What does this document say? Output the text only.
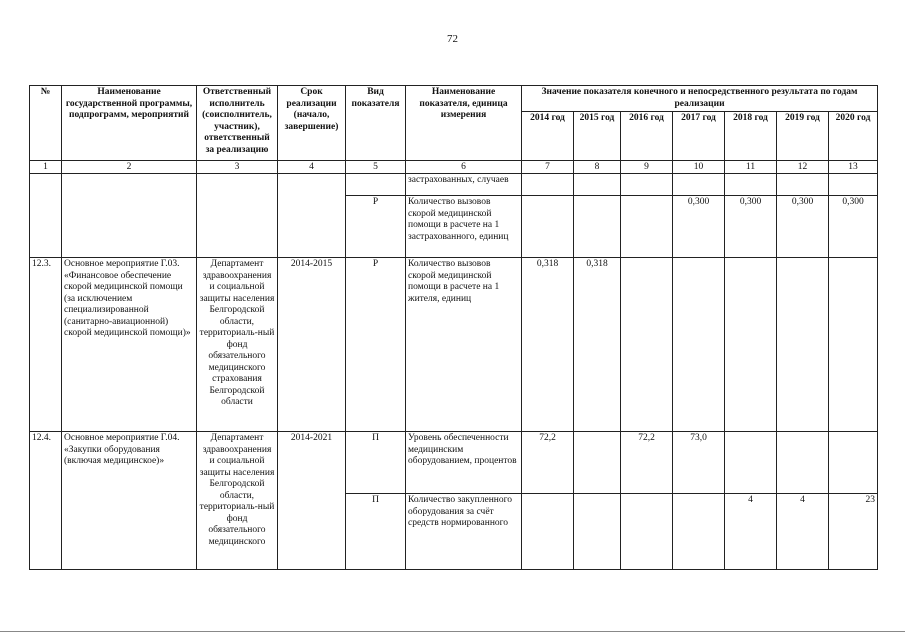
72
№	Наименование государственной программы, подпрограмм, мероприятий	Ответственный исполнитель (соисполнитель, участник), ответственный за реализацию	Срок реализации (начало, завершение)	Вид показателя	Наименование показателя, единица измерения	Значение показателя конечного и непосредственного результата по годам реализации						
						2014 год	2015 год	2016 год	2017 год	2018 год	2019 год	2020 год
1	2	3	4	5	6	7	8	9	10	11	12	13
					застрахованных, случаев							
				Р	Количество вызовов скорой медицинской помощи в расчете на 1 застрахованного, единиц				0,300	0,300	0,300	0,300
12.3.	Основное мероприятие Г.03. «Финансовое обеспечение скорой медицинской помощи (за исключением специализированной (санитарно-авиационной) скорой медицинской помощи)»	Департамент здравоохранения и социальной защиты населения Белгородской области, территориаль-ный фонд обязательного медицинского страхования Белгородской области	2014-2015	Р	Количество вызовов скорой медицинской помощи в расчете на 1 жителя, единиц	0,318	0,318					
12.4.	Основное мероприятие Г.04. «Закупки оборудования (включая медицинское)»	Департамент здравоохранения и социальной защиты населения Белгородской области, территориаль-ный фонд обязательного медицинского	2014-2021	П	Уровень обеспеченности медицинским оборудованием, процентов	72,2		72,2	73,0			
				П	Количество закупленного оборудования за счёт средств нормированного					4	4	23
